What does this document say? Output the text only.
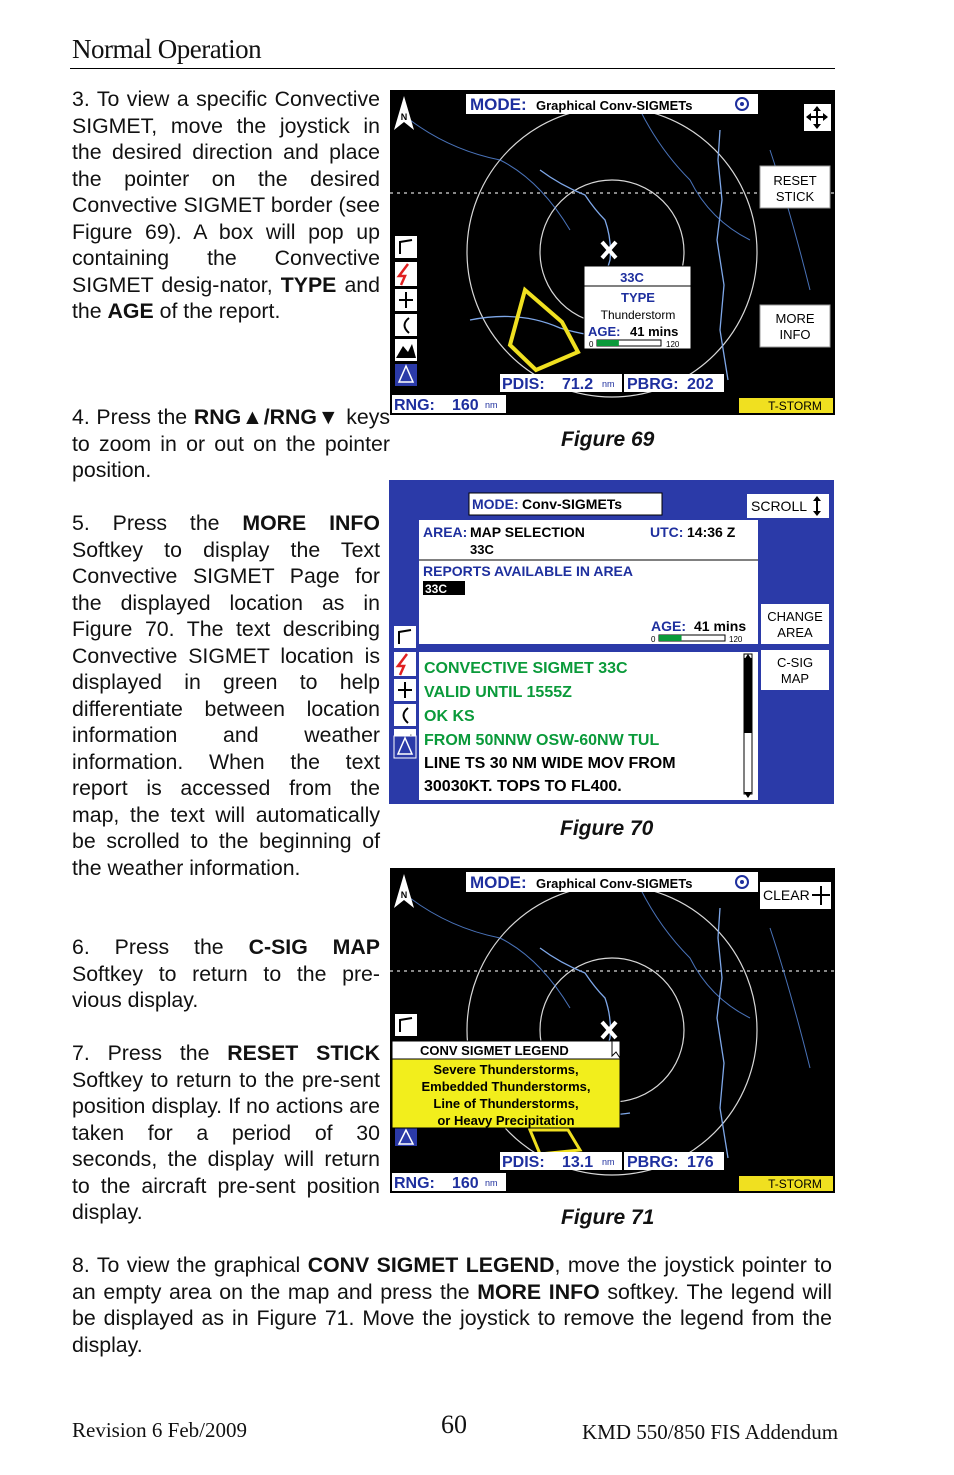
Normal Operation
3. To view a specific Convective SIGMET, move the joystick in the desired direction and place the pointer on the desired Convective SIGMET border (see Figure 69). A box will pop up containing the Convective SIGMET desig-nator, TYPE and the AGE of the report.
4. Press the RNG▲/RNG▼ keys to zoom in or out on the pointer position.
5. Press the MORE INFO Softkey to display the Text Convective SIGMET Page for the displayed location as in Figure 70. The text describing Convective SIGMET location is displayed in green to help differentiate between location information and weather information. When the text report is accessed from the map, the text will automatically be scrolled to the beginning of the weather information.
6. Press the C-SIG MAP Softkey to return to the pre-vious display.
7. Press the RESET STICK Softkey to return to the pre-sent position display. If no actions are taken for a period of 30 seconds, the display will return to the aircraft pre-sent position display.
8. To view the graphical CONV SIGMET LEGEND, move the joystick pointer to an empty area on the map and press the MORE INFO softkey. The legend will be displayed as in Figure 71. Move the joystick to remove the legend from the display.
N
MODE: Graphical Conv-SIGMETs
RESET
STICK
MORE
INFO
33C
TYPE
Thunderstorm
AGE: 41 mins
0	120
PDIS: 71.2 nm PBRG: 202
RNG: 160 nm	T-STORM
Figure 69
MODE: Conv-SIGMETs	SCROLL
AREA: MAP SELECTION
33C
UTC: 14:36 Z
REPORTS AVAILABLE IN AREA
33C
AGE: 41 mins
0	120
CHANGE
AREA
C-SIG
MAP
CONVECTIVE SIGMET 33C
VALID UNTIL 1555Z
OK KS
FROM 50NNW OSW-60NW TUL
LINE TS 30 NM WIDE MOV FROM
30030KT. TOPS TO FL400.
Figure 70
N
MODE: Graphical Conv-SIGMETs
CLEAR
CONV SIGMET LEGEND
Severe Thunderstorms,
Embedded Thunderstorms,
Line of Thunderstorms,
or Heavy Precipitation
PDIS: 13.1 nm PBRG: 176
RNG: 160 nm	T-STORM
Figure 71
Revision 6 Feb/2009	60	KMD 550/850 FIS Addendum
